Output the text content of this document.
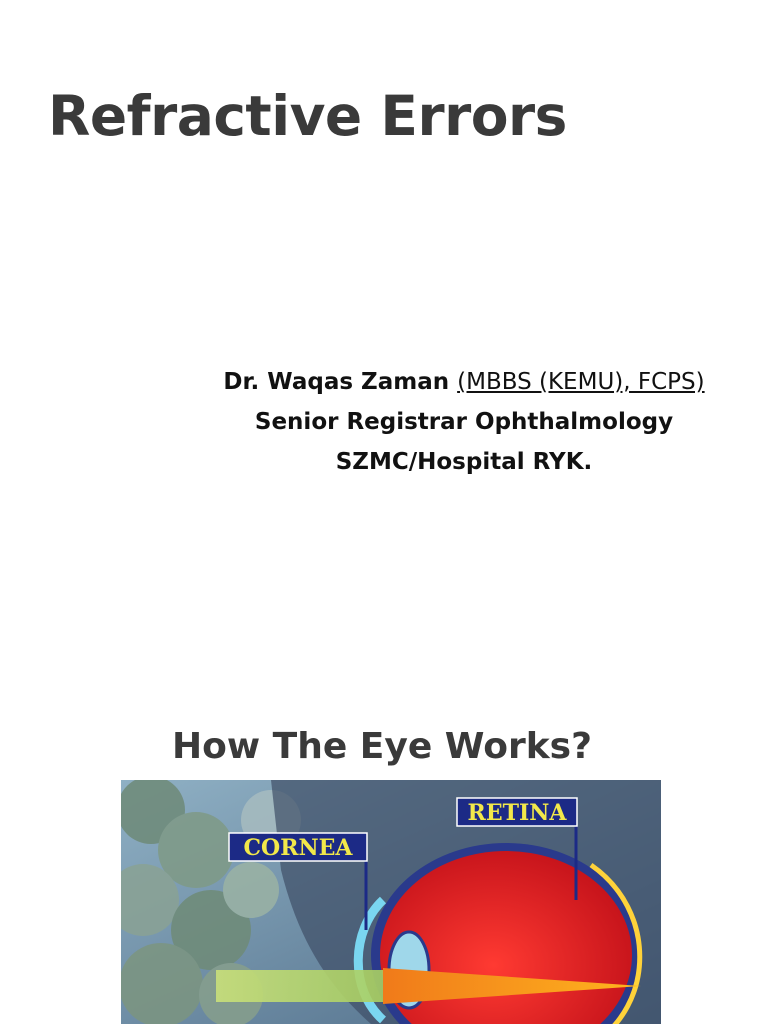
Refractive Errors
Dr. Waqas Zaman (MBBS (KEMU), FCPS)
Senior Registrar Ophthalmology
SZMC/Hospital RYK.
How The Eye Works?
CORNEA
RETINA
